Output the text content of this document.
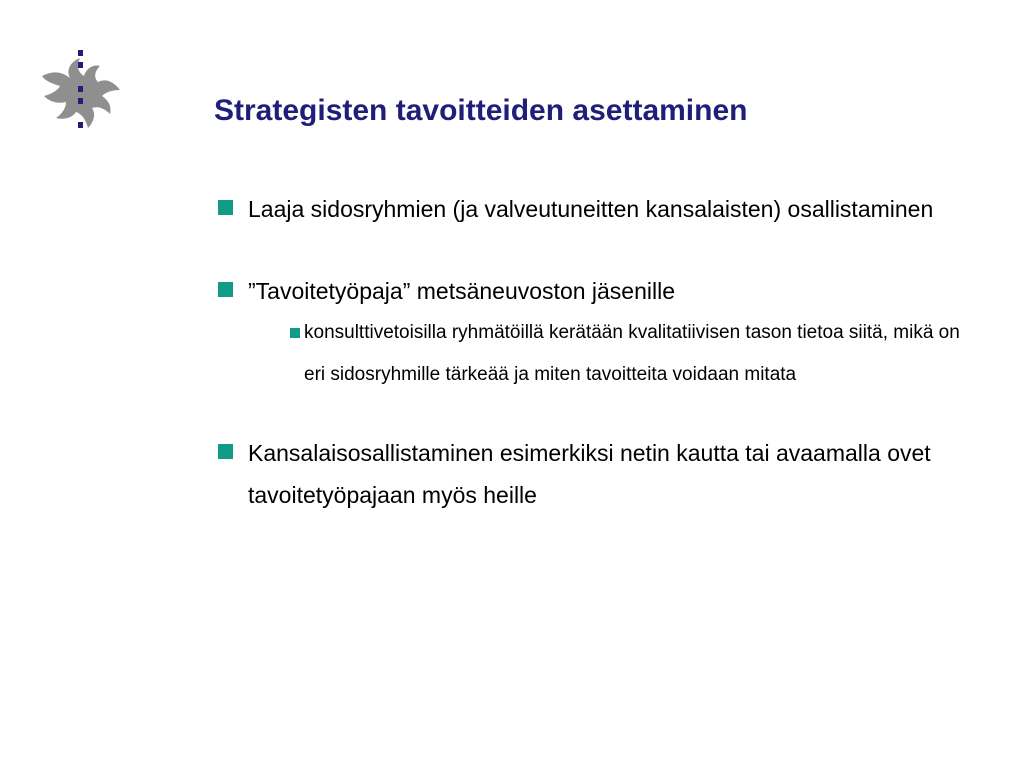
Strategisten tavoitteiden asettaminen
Laaja sidosryhmien (ja valveutuneitten kansalaisten) osallistaminen
”Tavoitetyöpaja” metsäneuvoston jäsenille
konsulttivetoisilla ryhmätöillä kerätään kvalitatiivisen tason tietoa siitä, mikä on eri sidosryhmille tärkeää ja miten tavoitteita voidaan mitata
Kansalaisosallistaminen esimerkiksi netin kautta tai avaamalla ovet tavoitetyöpajaan myös heille
